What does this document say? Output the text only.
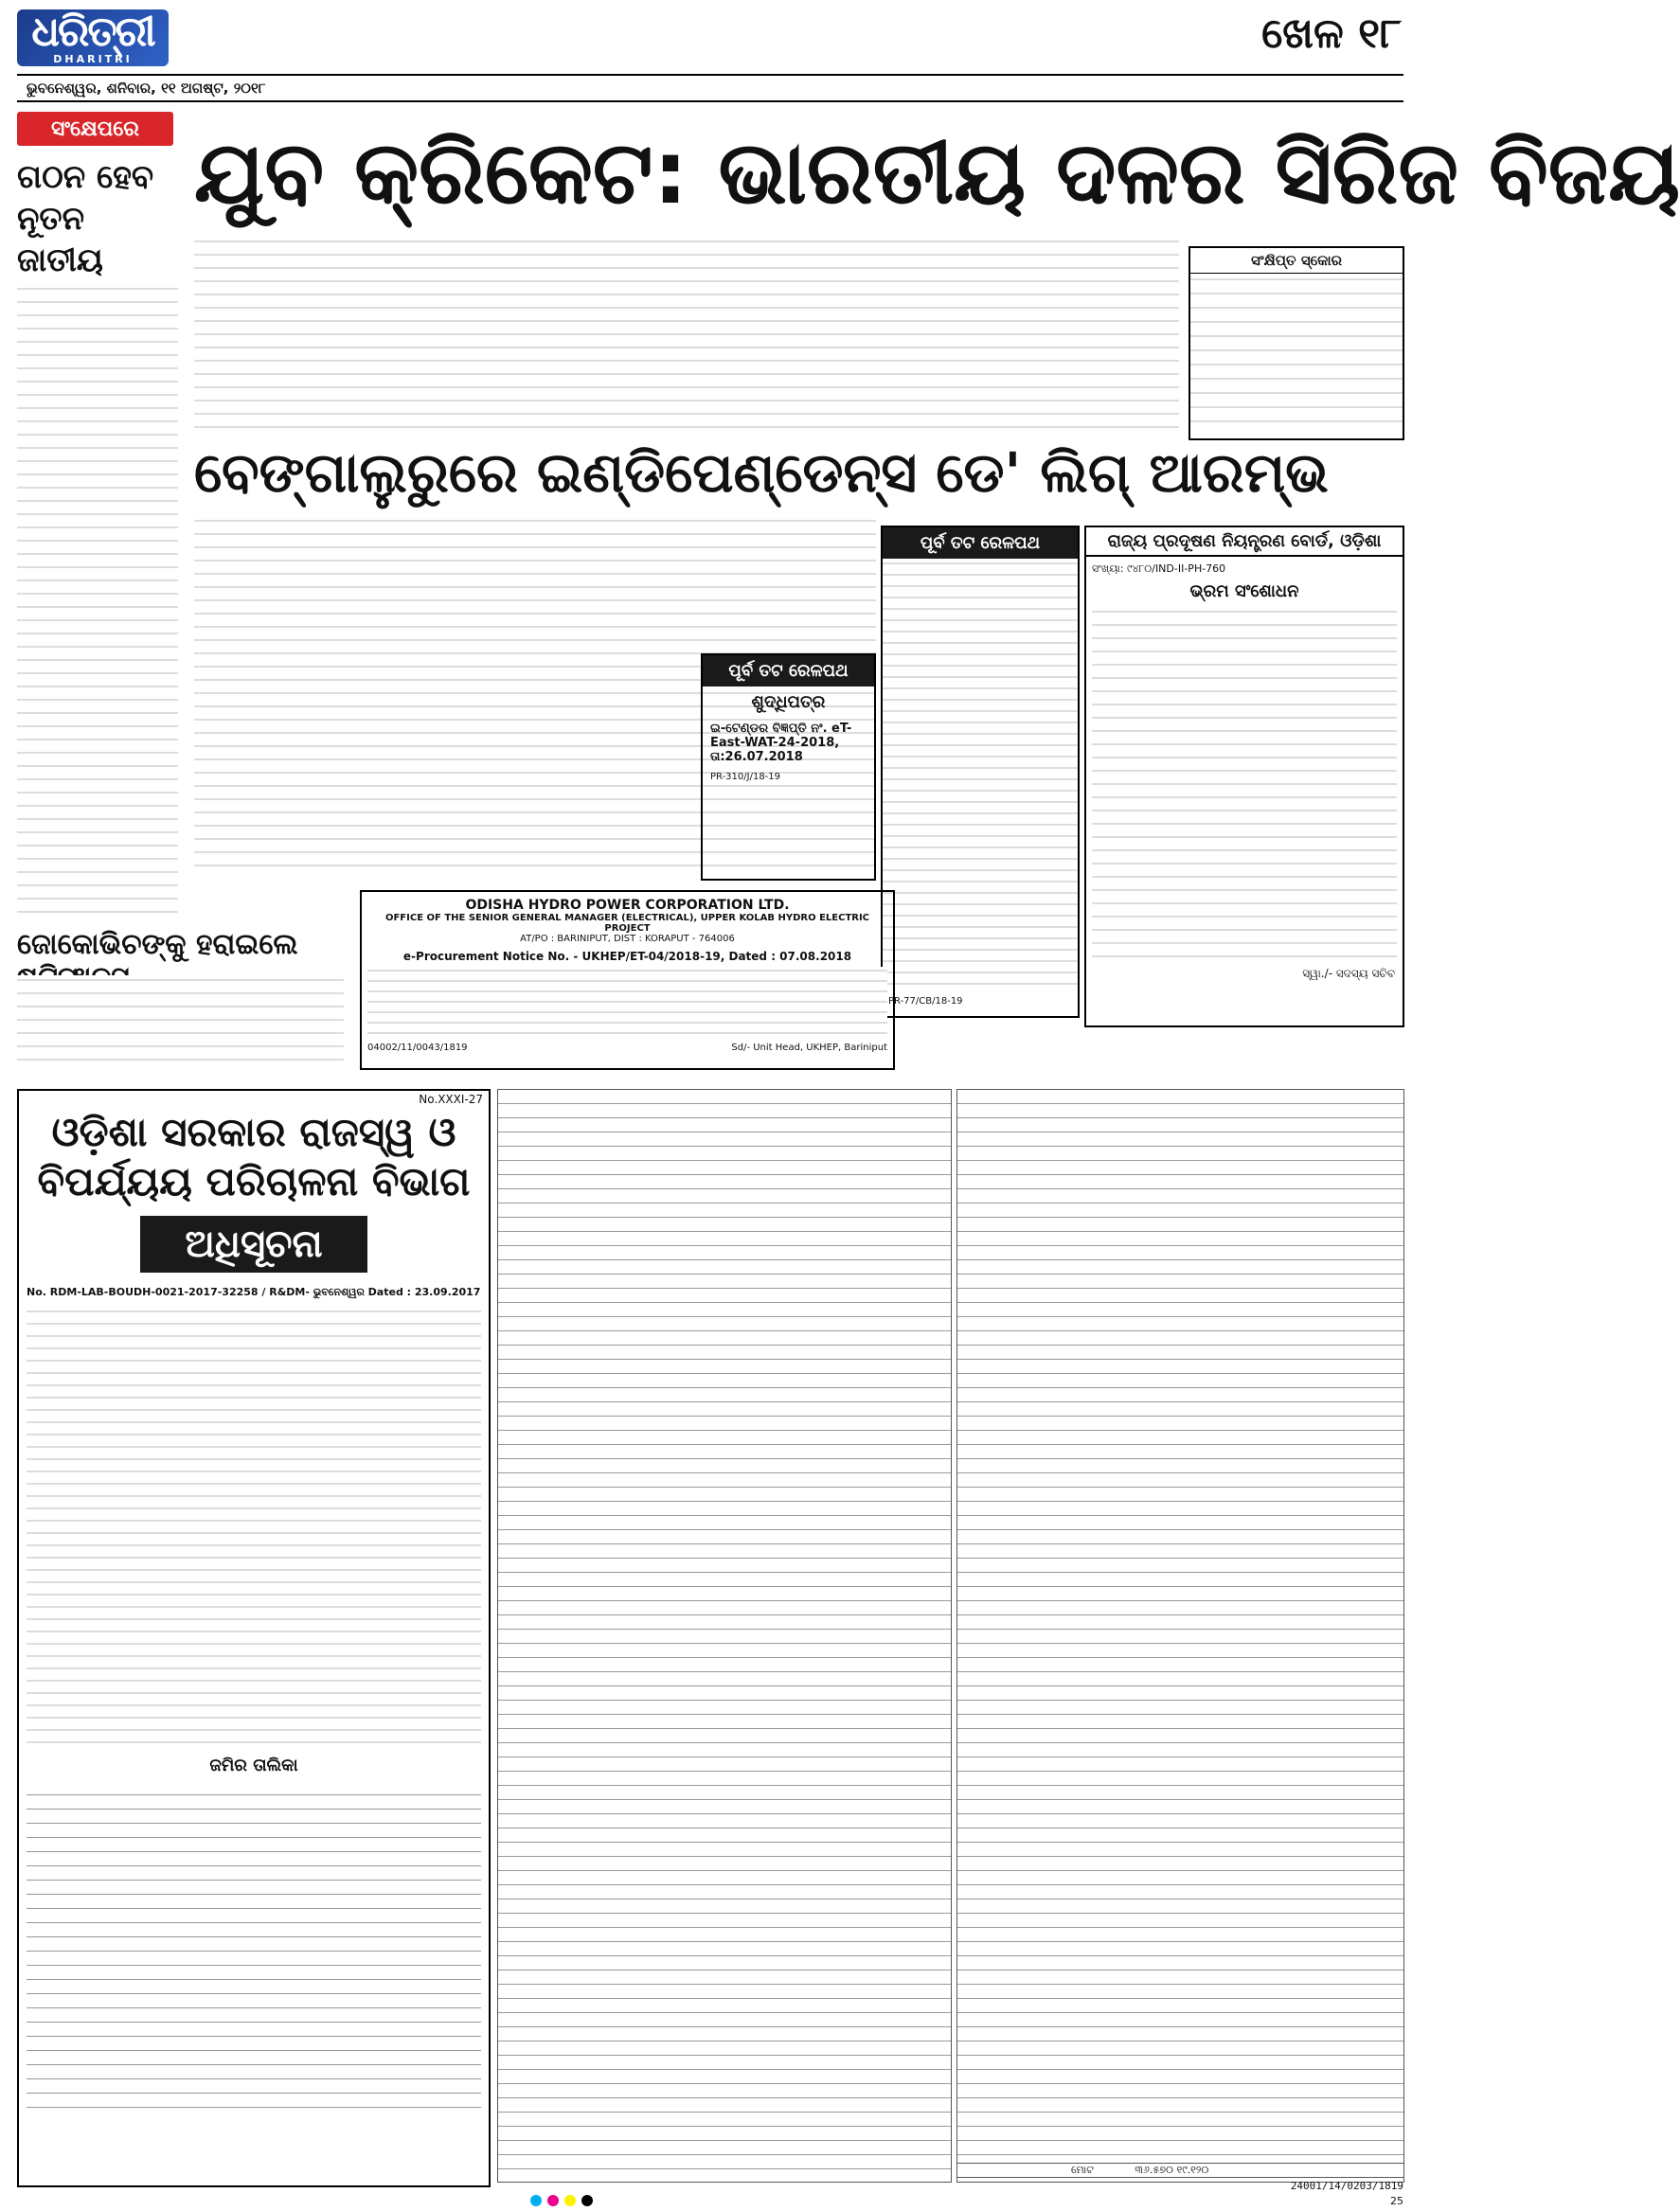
ଧରିତ୍ରୀ
DHARITRI
ଖେଳ ୧୮
ଭୁବନେଶ୍ୱର, ଶନିବାର, ୧୧ ଅଗଷ୍ଟ, ୨୦୧୮
ସଂକ୍ଷେପରେ ଯୁବ କ୍ରିକେଟ: ଭାରତୀୟ ଦଳର ସିରିଜ ବିଜୟ
ଗଠନ ହେବ ନୂତନ ଜାତୀୟ	ସଂକ୍ଷିପ୍ତ ସ୍କୋର
ବେଙ୍ଗାଲୁରୁରେ ଇଣ୍ଡିପେଣ୍ଡେନ୍ସ ଡେ' ଲିଗ୍ ଆରମ୍ଭ
ଜୋକୋଭିଚଙ୍କୁ ହରାଇଲେ
ପୂର୍ବ ତଟ ରେଳପଥ
ଶୁଦ୍ଧିପତ୍ର
ଇ-ଟେଣ୍ଡର ବିଜ୍ଞପ୍ତି ନଂ. eT-East-WAT-24-2018, ତା:26.07.2018
PR-310/J/18-19
ପୂର୍ବ ତଟ ରେଳପଥ
PR-77/CB/18-19
ODISHA HYDRO POWER CORPORATION LTD.
OFFICE OF THE SENIOR GENERAL MANAGER (ELECTRICAL), UPPER KOLAB HYDRO ELECTRIC PROJECT
AT/PO : BARINIPUT, DIST : KORAPUT - 764006
e-Procurement Notice No. - UKHEP/ET-04/2018-19, Dated : 07.08.2018
04002/11/0043/1819	Sd/- Unit Head, UKHEP, Bariniput
ରାଜ୍ୟ ପ୍ରଦୂଷଣ ନିୟନ୍ତ୍ରଣ ବୋର୍ଡ, ଓଡ଼ିଶା
ସଂଖ୍ୟା: ୯୪୮୦/IND-II-PH-760
ଭ୍ରମ ସଂଶୋଧନ
ସ୍ୱା./- ସଦସ୍ୟ ସଚିବ
No.XXXI-27
ଓଡ଼ିଶା ସରକାର ରାଜସ୍ୱ ଓ ବିପର୍ଯ୍ୟୟ ପରିଚାଳନା ବିଭାଗ
ଅଧିସୂଚନା
No. RDM-LAB-BOUDH-0021-2017-32258 / R&DM- ଭୁବନେଶ୍ୱର Dated : 23.09.2017
ଜମିର ତାଲିକା
ମୋଟ	୩୬.୫୭୦ ୧୯.୧୨୦
24001/14/0203/1819
25
